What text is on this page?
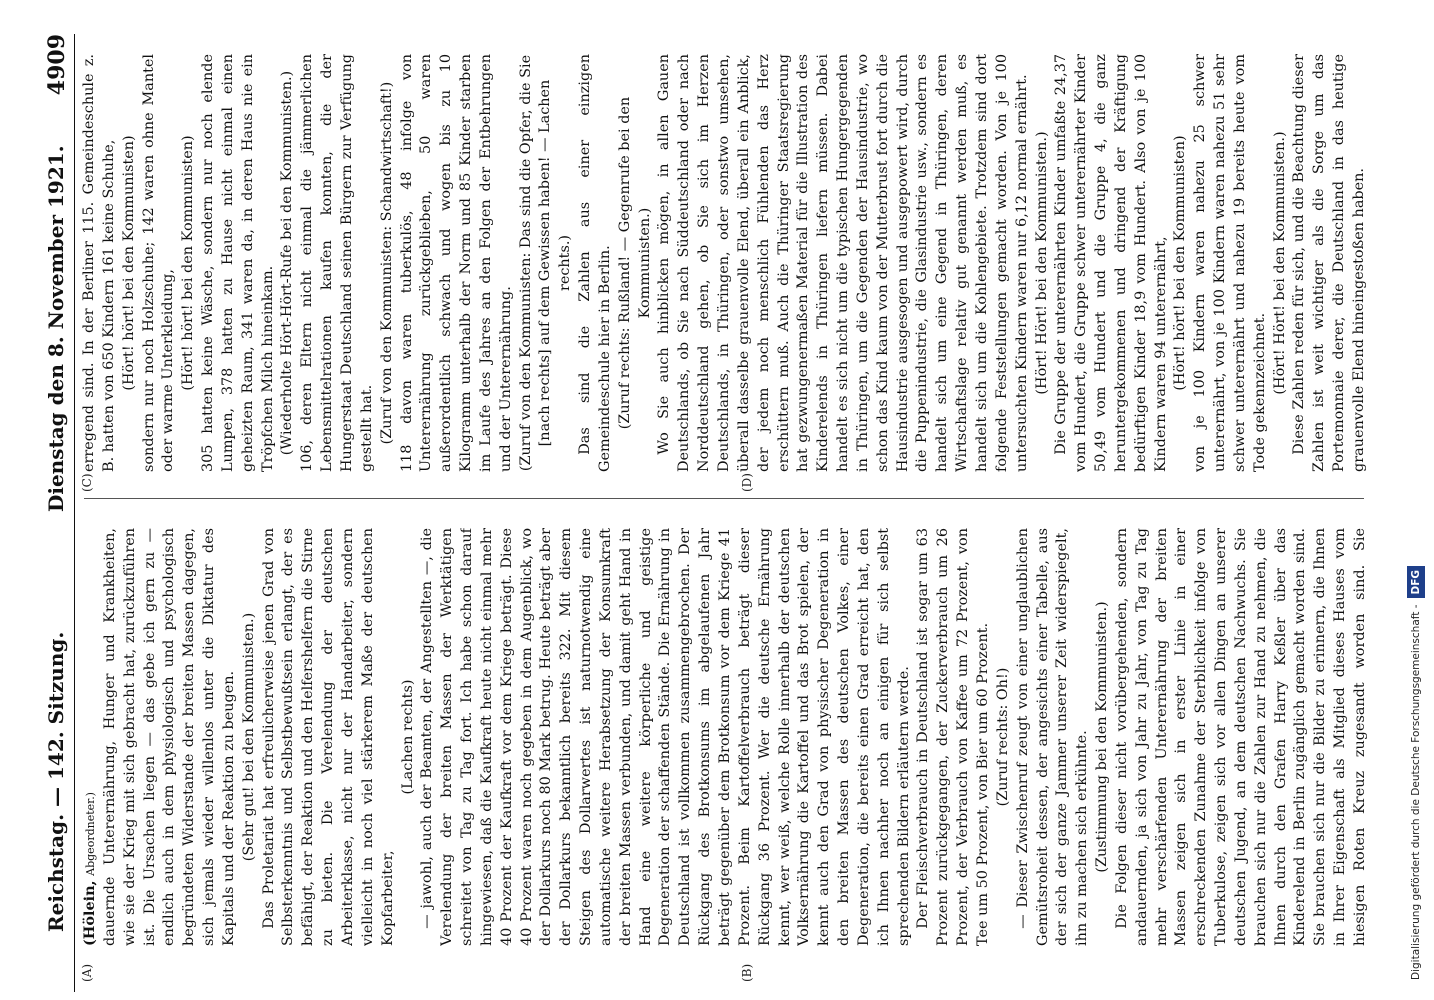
Reichstag. — 142. Sitzung.
Dienstag den 8. November 1921.
4909
(A)	(B)
(C)	(D)

(Hölein, Abgeordneter.) dauernde Unterernährung, Hunger und Krankheiten, wie sie der Krieg mit sich gebracht hat, zurückzuführen ist. Die Ursachen liegen — das gebe ich gern zu — endlich auch in dem physiologisch und psychologisch begründeten Widerstande der breiten Massen dagegen, sich jemals wieder willenlos unter die Diktatur des Kapitals und der Reaktion zu beugen. (Sehr gut! bei den Kommunisten.) Das Proletariat hat erfreulicherweise jenen Grad von Selbsterkenntnis und Selbstbewußtsein erlangt, der es befähigt, der Reaktion und den Helfershelfern die Stirne zu bieten. Die Verelendung der deutschen Arbeiterklasse, nicht nur der Handarbeiter, sondern vielleicht in noch viel stärkerem Maße der deutschen Kopfarbeiter,

(Lachen rechts) — jawohl, auch der Beamten, der Angestellten —, die Verelendung der breiten Massen der Werktätigen schreitet von Tag zu Tag fort. Ich habe schon darauf hingewiesen, daß die Kaufkraft heute nicht einmal mehr 40 Prozent der Kaufkraft vor dem Kriege beträgt. Diese 40 Prozent waren noch gegeben in dem Augenblick, wo der Dollarkurs noch 80 Mark betrug. Heute beträgt aber der Dollarkurs bekanntlich bereits 322. Mit diesem Steigen des Dollarwertes ist naturnotwendig eine automatische weitere Herabsetzung der Konsumkraft der breiten Massen verbunden, und damit geht Hand in Hand eine weitere körperliche und geistige Degeneration der schaffenden Stände. Die Ernährung in Deutschland ist vollkommen zusammengebrochen. Der Rückgang des Brotkonsums im abgelaufenen Jahr beträgt gegenüber dem Brotkonsum vor dem Kriege 41 Prozent. Beim Kartoffelverbrauch beträgt dieser Rückgang 36 Prozent. Wer die deutsche Ernährung kennt, wer weiß, welche Rolle innerhalb der deutschen Volksernährung die Kartoffel und das Brot spielen, der kennt auch den Grad von physischer Degeneration in den breiten Massen des deutschen Volkes, einer Degeneration, die bereits einen Grad erreicht hat, den ich Ihnen nachher noch an einigen für sich selbst sprechenden Bildern erläutern werde. Der Fleischverbrauch in Deutschland ist sogar um 63 Prozent zurückgegangen, der Zuckerverbrauch um 26 Prozent, der Verbrauch von Kaffee um 72 Prozent, von Tee um 50 Prozent, von Bier um 60 Prozent. (Zuruf rechts: Oh!) — Dieser Zwischenruf zeugt von einer unglaublichen Gemütsroheit dessen, der angesichts einer Tabelle, aus der sich der ganze Jammer unserer Zeit widerspiegelt, ihn zu machen sich erkühnte. (Zustimmung bei den Kommunisten.)

Die Folgen dieser nicht vorübergehenden, sondern andauernden, ja sich von Jahr zu Jahr, von Tag zu Tag mehr verschärfenden Unterernährung der breiten Massen zeigen sich in erster Linie in einer erschreckenden Zunahme der Sterblichkeit infolge von Tuberkulose, zeigen sich vor allen Dingen an unserer deutschen Jugend, an dem deutschen Nachwuchs. Sie brauchen sich nur die Zahlen zur Hand zu nehmen, die Ihnen durch den Grafen Harry Keßler über das Kinderelend in Berlin zugänglich gemacht worden sind. Sie brauchen sich nur die Bilder zu erinnern, die Ihnen in Ihrer Eigenschaft als Mitglied dieses Hauses vom hiesigen Roten Kreuz zugesandt worden sind. Sie

erregend sind. In der Berliner 115. Gemeindeschule z. B. hatten von 650 Kindern 161 keine Schuhe, (Hört! hört! bei den Kommunisten) sondern nur noch Holzschuhe; 142 waren ohne Mantel oder warme Unterkleidung, (Hört! hört! bei den Kommunisten) 305 hatten keine Wäsche, sondern nur noch elende Lumpen, 378 hatten zu Hause nicht einmal einen geheizten Raum, 341 waren da, in deren Haus nie ein Tröpfchen Milch hineinkam. (Wiederholte Hört-Hört-Rufe bei den Kommunisten.) 106, deren Eltern nicht einmal die jämmerlichen Lebensmittelrationen kaufen konnten, die der Hungerstaat Deutschland seinen Bürgern zur Verfügung gestellt hat. (Zuruf von den Kommunisten: Schandwirtschaft!) 118 davon waren tuberkulös, 48 infolge von Unterernährung zurückgeblieben, 50 waren außerordentlich schwach und wogen bis zu 10 Kilogramm unterhalb der Norm und 85 Kinder starben im Laufe des Jahres an den Folgen der Entbehrungen und der Unterernährung. (Zuruf von den Kommunisten: Das sind die Opfer, die Sie [nach rechts] auf dem Gewissen haben! — Lachen rechts.) Das sind die Zahlen aus einer einzigen Gemeindeschule hier in Berlin. (Zuruf rechts: Rußland! — Gegenrufe bei den Kommunisten.) Wo Sie auch hinblicken mögen, in allen Gauen Deutschlands, ob Sie nach Süddeutschland oder nach Norddeutschland gehen, ob Sie sich im Herzen Deutschlands, in Thüringen, oder sonstwo umsehen, überall dasselbe grauenvolle Elend, überall ein Anblick, der jedem noch menschlich Fühlenden das Herz erschüttern muß. Auch die Thüringer Staatsregierung hat gezwungenermaßen Material für die Illustration des Kinderelends in Thüringen liefern müssen. Dabei handelt es sich nicht um die typischen Hungergegenden in Thüringen, um die Gegenden der Hausindustrie, wo schon das Kind kaum von der Mutterbrust fort durch die Hausindustrie ausgesogen und ausgepowert wird, durch die Puppenindustrie, die Glasindustrie usw., sondern es handelt sich um eine Gegend in Thüringen, deren Wirtschaftslage relativ gut genannt werden muß, es handelt sich um die Kohlengebiete. Trotzdem sind dort folgende Feststellungen gemacht worden. Von je 100 untersuchten Kindern waren nur 6,12 normal ernährt. (Hört! Hört! bei den Kommunisten.) Die Gruppe der unterernährten Kinder umfaßte 24,37 vom Hundert, die Gruppe schwer unterernährter Kinder 50,49 vom Hundert und die Gruppe 4, die ganz heruntergekommenen und dringend der Kräftigung bedürftigen Kinder 18,9 vom Hundert. Also von je 100 Kindern waren 94 unterernährt, (Hört! hört! bei den Kommunisten) von je 100 Kindern waren nahezu 25 schwer unterernährt, von je 100 Kindern waren nahezu 51 sehr schwer unterernährt und nahezu 19 bereits heute vom Tode gekennzeichnet. (Hört! Hört! bei den Kommunisten.) Diese Zahlen reden für sich, und die Beachtung dieser Zahlen ist weit wichtiger als die Sorge um das Portemonnaie derer, die Deutschland in das heutige grauenvolle Elend hineingestoßen haben.

Digitalisierung gefördert durch die Deutsche Forschungsgemeinschaft -DFG
